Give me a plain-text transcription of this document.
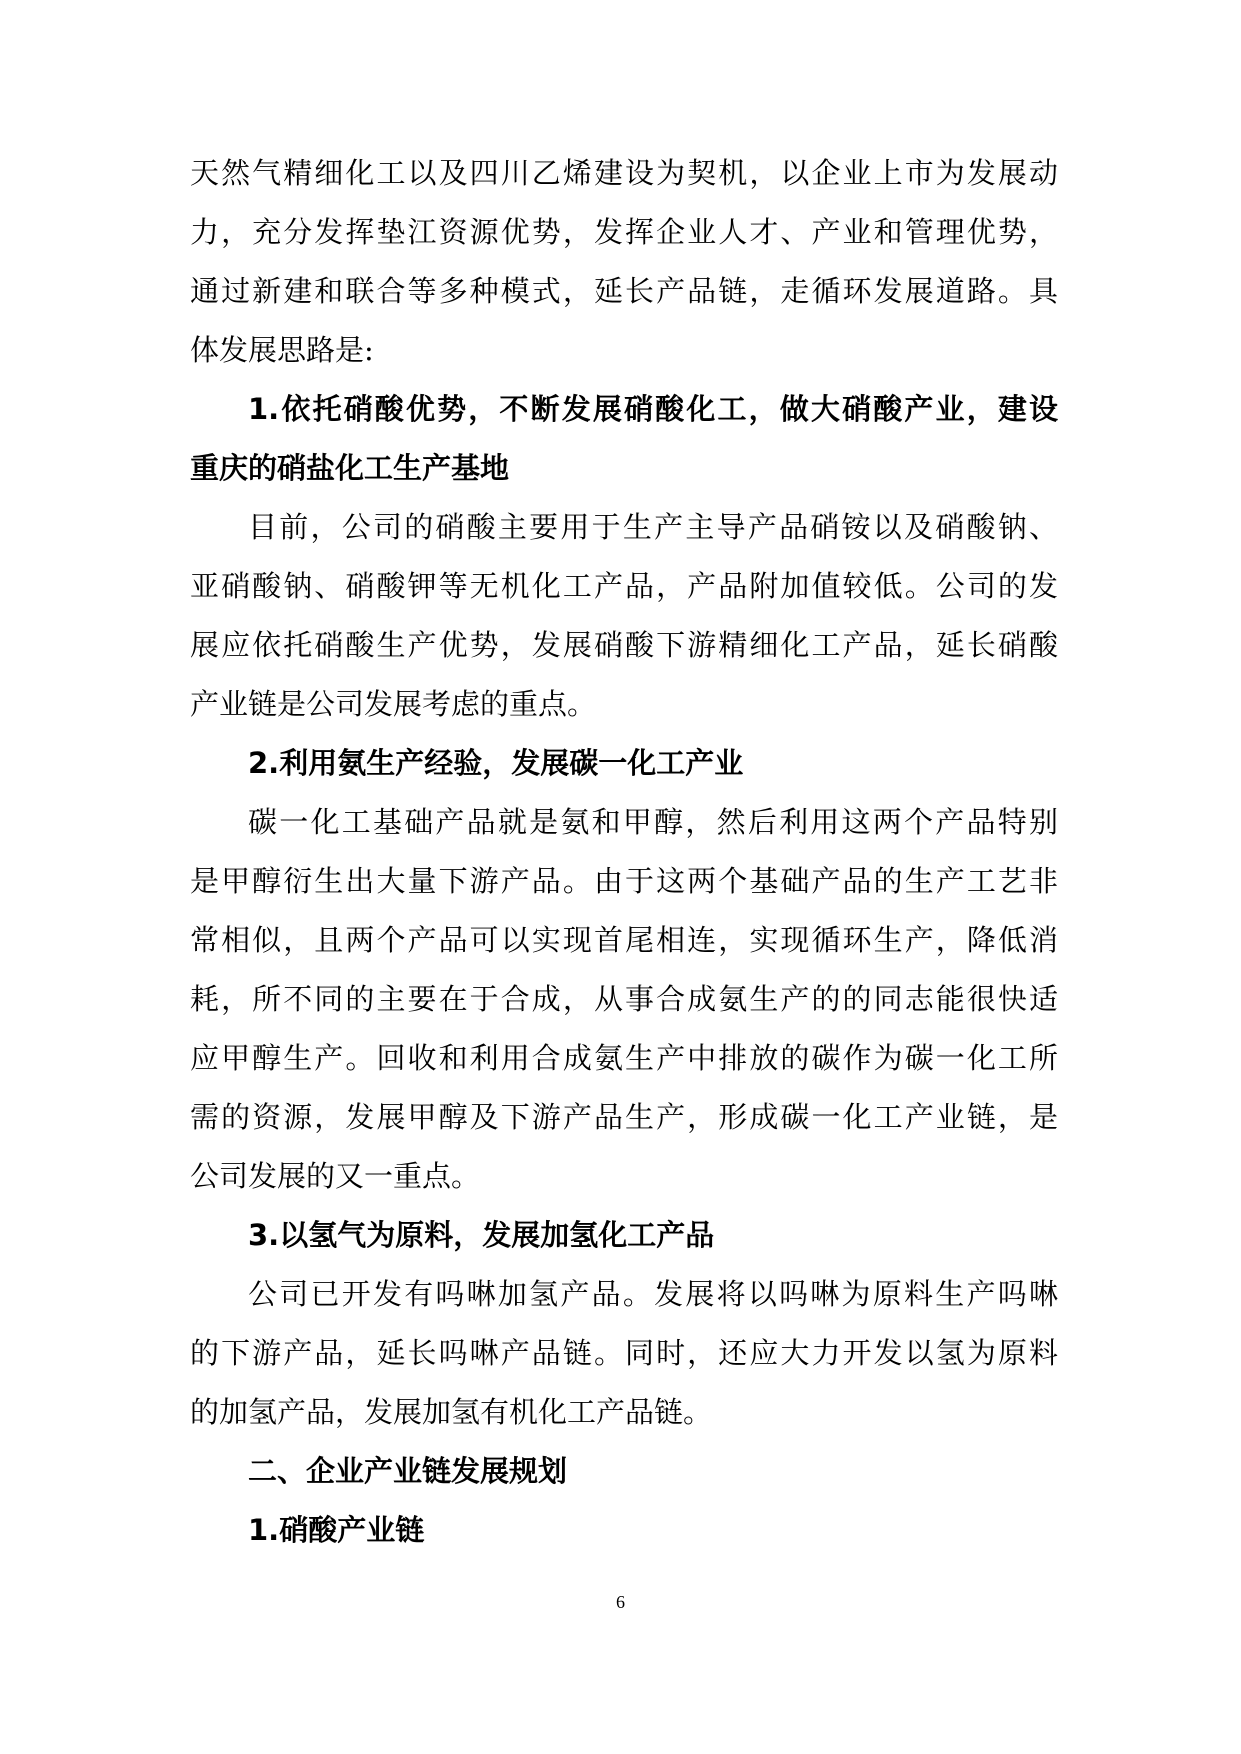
天然气精细化工以及四川乙烯建设为契机，以企业上市为发展动
力，充分发挥垫江资源优势，发挥企业人才、产业和管理优势，
通过新建和联合等多种模式，延长产品链，走循环发展道路。具
体发展思路是:
1.依托硝酸优势，不断发展硝酸化工，做大硝酸产业，建设
重庆的硝盐化工生产基地
目前，公司的硝酸主要用于生产主导产品硝铵以及硝酸钠、
亚硝酸钠、硝酸钾等无机化工产品，产品附加值较低。公司的发
展应依托硝酸生产优势，发展硝酸下游精细化工产品，延长硝酸
产业链是公司发展考虑的重点。
2.利用氨生产经验，发展碳一化工产业
碳一化工基础产品就是氨和甲醇，然后利用这两个产品特别
是甲醇衍生出大量下游产品。由于这两个基础产品的生产工艺非
常相似，且两个产品可以实现首尾相连，实现循环生产，降低消
耗，所不同的主要在于合成，从事合成氨生产的的同志能很快适
应甲醇生产。回收和利用合成氨生产中排放的碳作为碳一化工所
需的资源，发展甲醇及下游产品生产，形成碳一化工产业链，是
公司发展的又一重点。
3.以氢气为原料，发展加氢化工产品
公司已开发有吗啉加氢产品。发展将以吗啉为原料生产吗啉
的下游产品，延长吗啉产品链。同时，还应大力开发以氢为原料
的加氢产品，发展加氢有机化工产品链。
二、企业产业链发展规划
1.硝酸产业链
6
